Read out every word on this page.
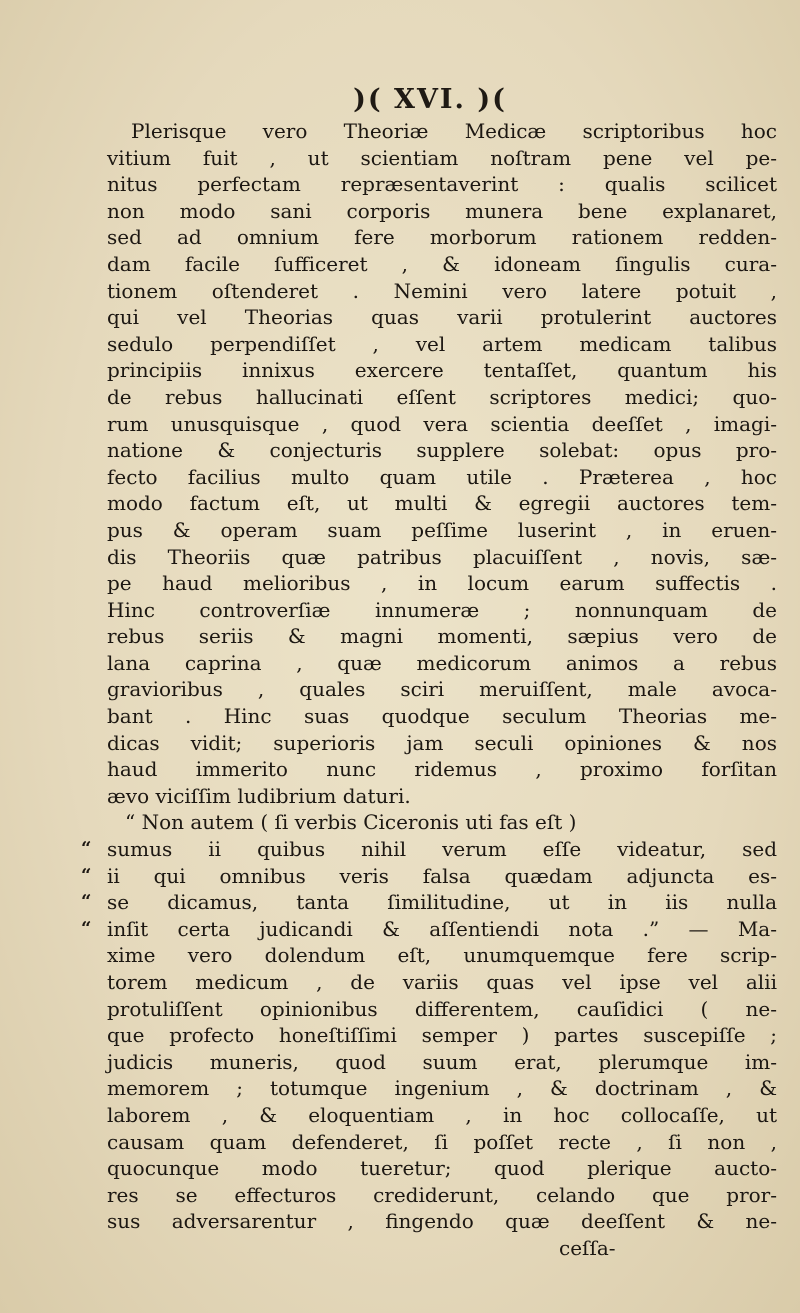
)( XVI. )(
Plerisque vero Theoriæ Medicæ scriptoribus hoc
vitium fuit , ut scientiam noſtram pene vel pe-
nitus perfectam repræsentaverint : qualis scilicet
non modo sani corporis munera bene explanaret,
sed ad omnium fere morborum rationem redden-
dam facile ſufficeret , & idoneam ſingulis cura-
tionem oſtenderet . Nemini vero latere potuit ,
qui vel Theorias quas varii protulerint auctores
sedulo perpendiſſet , vel artem medicam talibus
principiis innixus exercere tentaſſet, quantum his
de rebus hallucinati eſſent scriptores medici; quo-
rum unusquisque , quod vera scientia deeſſet , imagi-
natione & conjecturis supplere solebat: opus pro-
fecto facilius multo quam utile . Præterea , hoc
modo factum eſt, ut multi & egregii auctores tem-
pus & operam suam peſſime luserint , in eruen-
dis Theoriis quæ patribus placuiſſent , novis, sæ-
pe haud melioribus , in locum earum suffectis .
Hinc controverſiæ innumeræ ; nonnunquam de
rebus seriis & magni momenti, sæpius vero de
lana caprina , quæ medicorum animos a rebus
gravioribus , quales sciri meruiſſent, male avoca-
bant . Hinc suas quodque seculum Theorias me-
dicas vidit; superioris jam seculi opiniones & nos
haud immerito nunc ridemus , proximo forſitan
ævo viciſſim ludibrium daturi.
“ Non autem ( ſi verbis Ciceronis uti fas eſt )
sumus ii quibus nihil verum eſſe videatur, sed
“
ii qui omnibus veris falsa quædam adjuncta es-
“
se dicamus, tanta ſimilitudine, ut in iis nulla
“
inſit certa judicandi & aſſentiendi nota .” — Ma-
“
xime vero dolendum eſt, unumquemque fere scrip-
torem medicum , de variis quas vel ipse vel alii
protuliſſent opinionibus differentem, cauſidici ( ne-
que profecto honeſtiſſimi semper ) partes suscepiſſe ;
judicis muneris, quod suum erat, plerumque im-
memorem ; totumque ingenium , & doctrinam , &
laborem , & eloquentiam , in hoc collocaſſe, ut
causam quam defenderet, ſi poſſet recte , ſi non ,
quocunque modo tueretur; quod plerique aucto-
res se effecturos crediderunt, celando que pror-
sus adversarentur , fingendo quæ deeſſent & ne-
ceſſa-
